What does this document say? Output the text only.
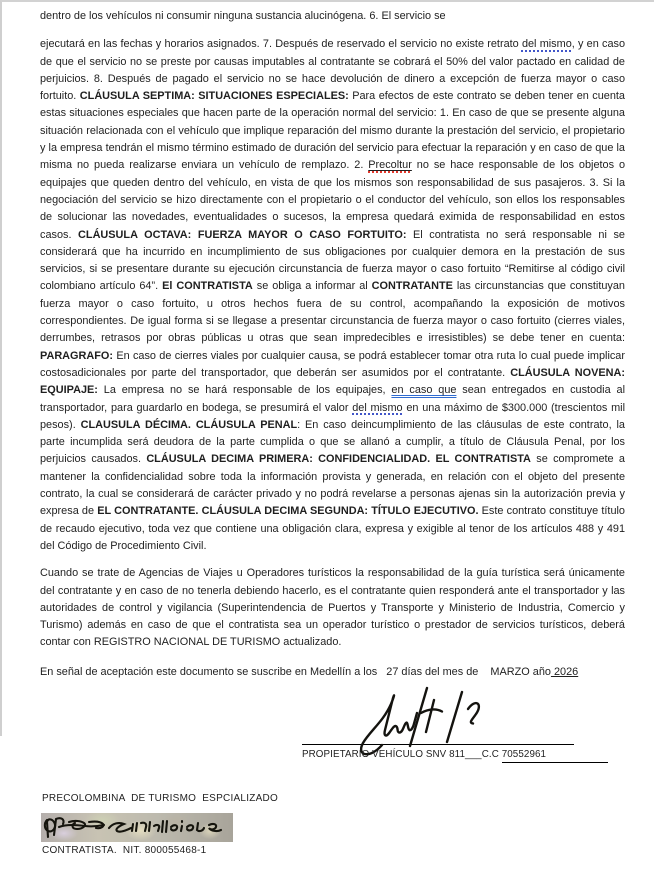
dentro de los vehículos ni consumir ninguna sustancia alucinógena. 6. El servicio se

ejecutará en las fechas y horarios asignados. 7. Después de reservado el servicio no existe retrato del mismo, y en caso de que el servicio no se preste por causas imputables al contratante se cobrará el 50% del valor pactado en calidad de perjuicios. 8. Después de pagado el servicio no se hace devolución de dinero a excepción de fuerza mayor o caso fortuito. CLÁUSULA SEPTIMA: SITUACIONES ESPECIALES: Para efectos de este contrato se deben tener en cuenta estas situaciones especiales que hacen parte de la operación normal del servicio: 1. En caso de que se presente alguna situación relacionada con el vehículo que implique reparación del mismo durante la prestación del servicio, el propietario y la empresa tendrán el mismo término estimado de duración del servicio para efectuar la reparación y en caso de que la misma no pueda realizarse enviara un vehículo de remplazo. 2. Precoltur no se hace responsable de los objetos o equipajes que queden dentro del vehículo, en vista de que los mismos son responsabilidad de sus pasajeros. 3. Si la negociación del servicio se hizo directamente con el propietario o el conductor del vehículo, son ellos los responsables de solucionar las novedades, eventualidades o sucesos, la empresa quedará eximida de responsabilidad en estos casos. CLÁUSULA OCTAVA: FUERZA MAYOR O CASO FORTUITO: El contratista no será responsable ni se considerará que ha incurrido en incumplimiento de sus obligaciones por cualquier demora en la prestación de sus servicios, si se presentare durante su ejecución circunstancia de fuerza mayor o caso fortuito “Remitirse al código civil colombiano artículo 64”. El CONTRATISTA se obliga a informar al CONTRATANTE las circunstancias que constituyan fuerza mayor o caso fortuito, u otros hechos fuera de su control, acompañando la exposición de motivos correspondientes. De igual forma si se llegase a presentar circunstancia de fuerza mayor o caso fortuito (cierres viales, derrumbes, retrasos por obras públicas u otras que sean impredecibles e irresistibles) se debe tener en cuenta: PARAGRAFO: En caso de cierres viales por cualquier causa, se podrá establecer tomar otra ruta lo cual puede implicar costosadicionales por parte del transportador, que deberán ser asumidos por el contratante. CLÁUSULA NOVENA: EQUIPAJE: La empresa no se hará responsable de los equipajes, en caso que sean entregados en custodia al transportador, para guardarlo en bodega, se presumirá el valor del mismo en una máximo de $300.000 (trescientos mil pesos). CLAUSULA DÉCIMA. CLÁUSULA PENAL: En caso deincumplimiento de las cláusulas de este contrato, la parte incumplida será deudora de la parte cumplida o que se allanó a cumplir, a título de Cláusula Penal, por los perjuicios causados. CLÁUSULA DECIMA PRIMERA: CONFIDENCIALIDAD. EL CONTRATISTA se compromete a mantener la confidencialidad sobre toda la información provista y generada, en relación con el objeto del presente contrato, la cual se considerará de carácter privado y no podrá revelarse a personas ajenas sin la autorización previa y expresa de EL CONTRATANTE. CLÁUSULA DECIMA SEGUNDA: TÍTULO EJECUTIVO. Este contrato constituye título de recaudo ejecutivo, toda vez que contiene una obligación clara, expresa y exigible al tenor de los artículos 488 y 491 del Código de Procedimiento Civil.

Cuando se trate de Agencias de Viajes u Operadores turísticos la responsabilidad de la guía turística será únicamente del contratante y en caso de no tenerla debiendo hacerlo, es el contratante quien responderá ante el transportador y las autoridades de control y vigilancia (Superintendencia de Puertos y Transporte y Ministerio de Industria, Comercio y Turismo) además en caso de que el contratista sea un operador turístico o prestador de servicios turísticos, deberá contar con REGISTRO NACIONAL DE TURISMO actualizado.

En señal de aceptación este documento se suscribe en Medellín a los   27 días del mes de    MARZO año 2026

PRECOLOMBINA  DE TURISMO  ESPCIALIZADO

CONTRATISTA.  NIT. 800055468-1

PROPIETARIO VEHÍCULO SNV 811___C.C 70552961
